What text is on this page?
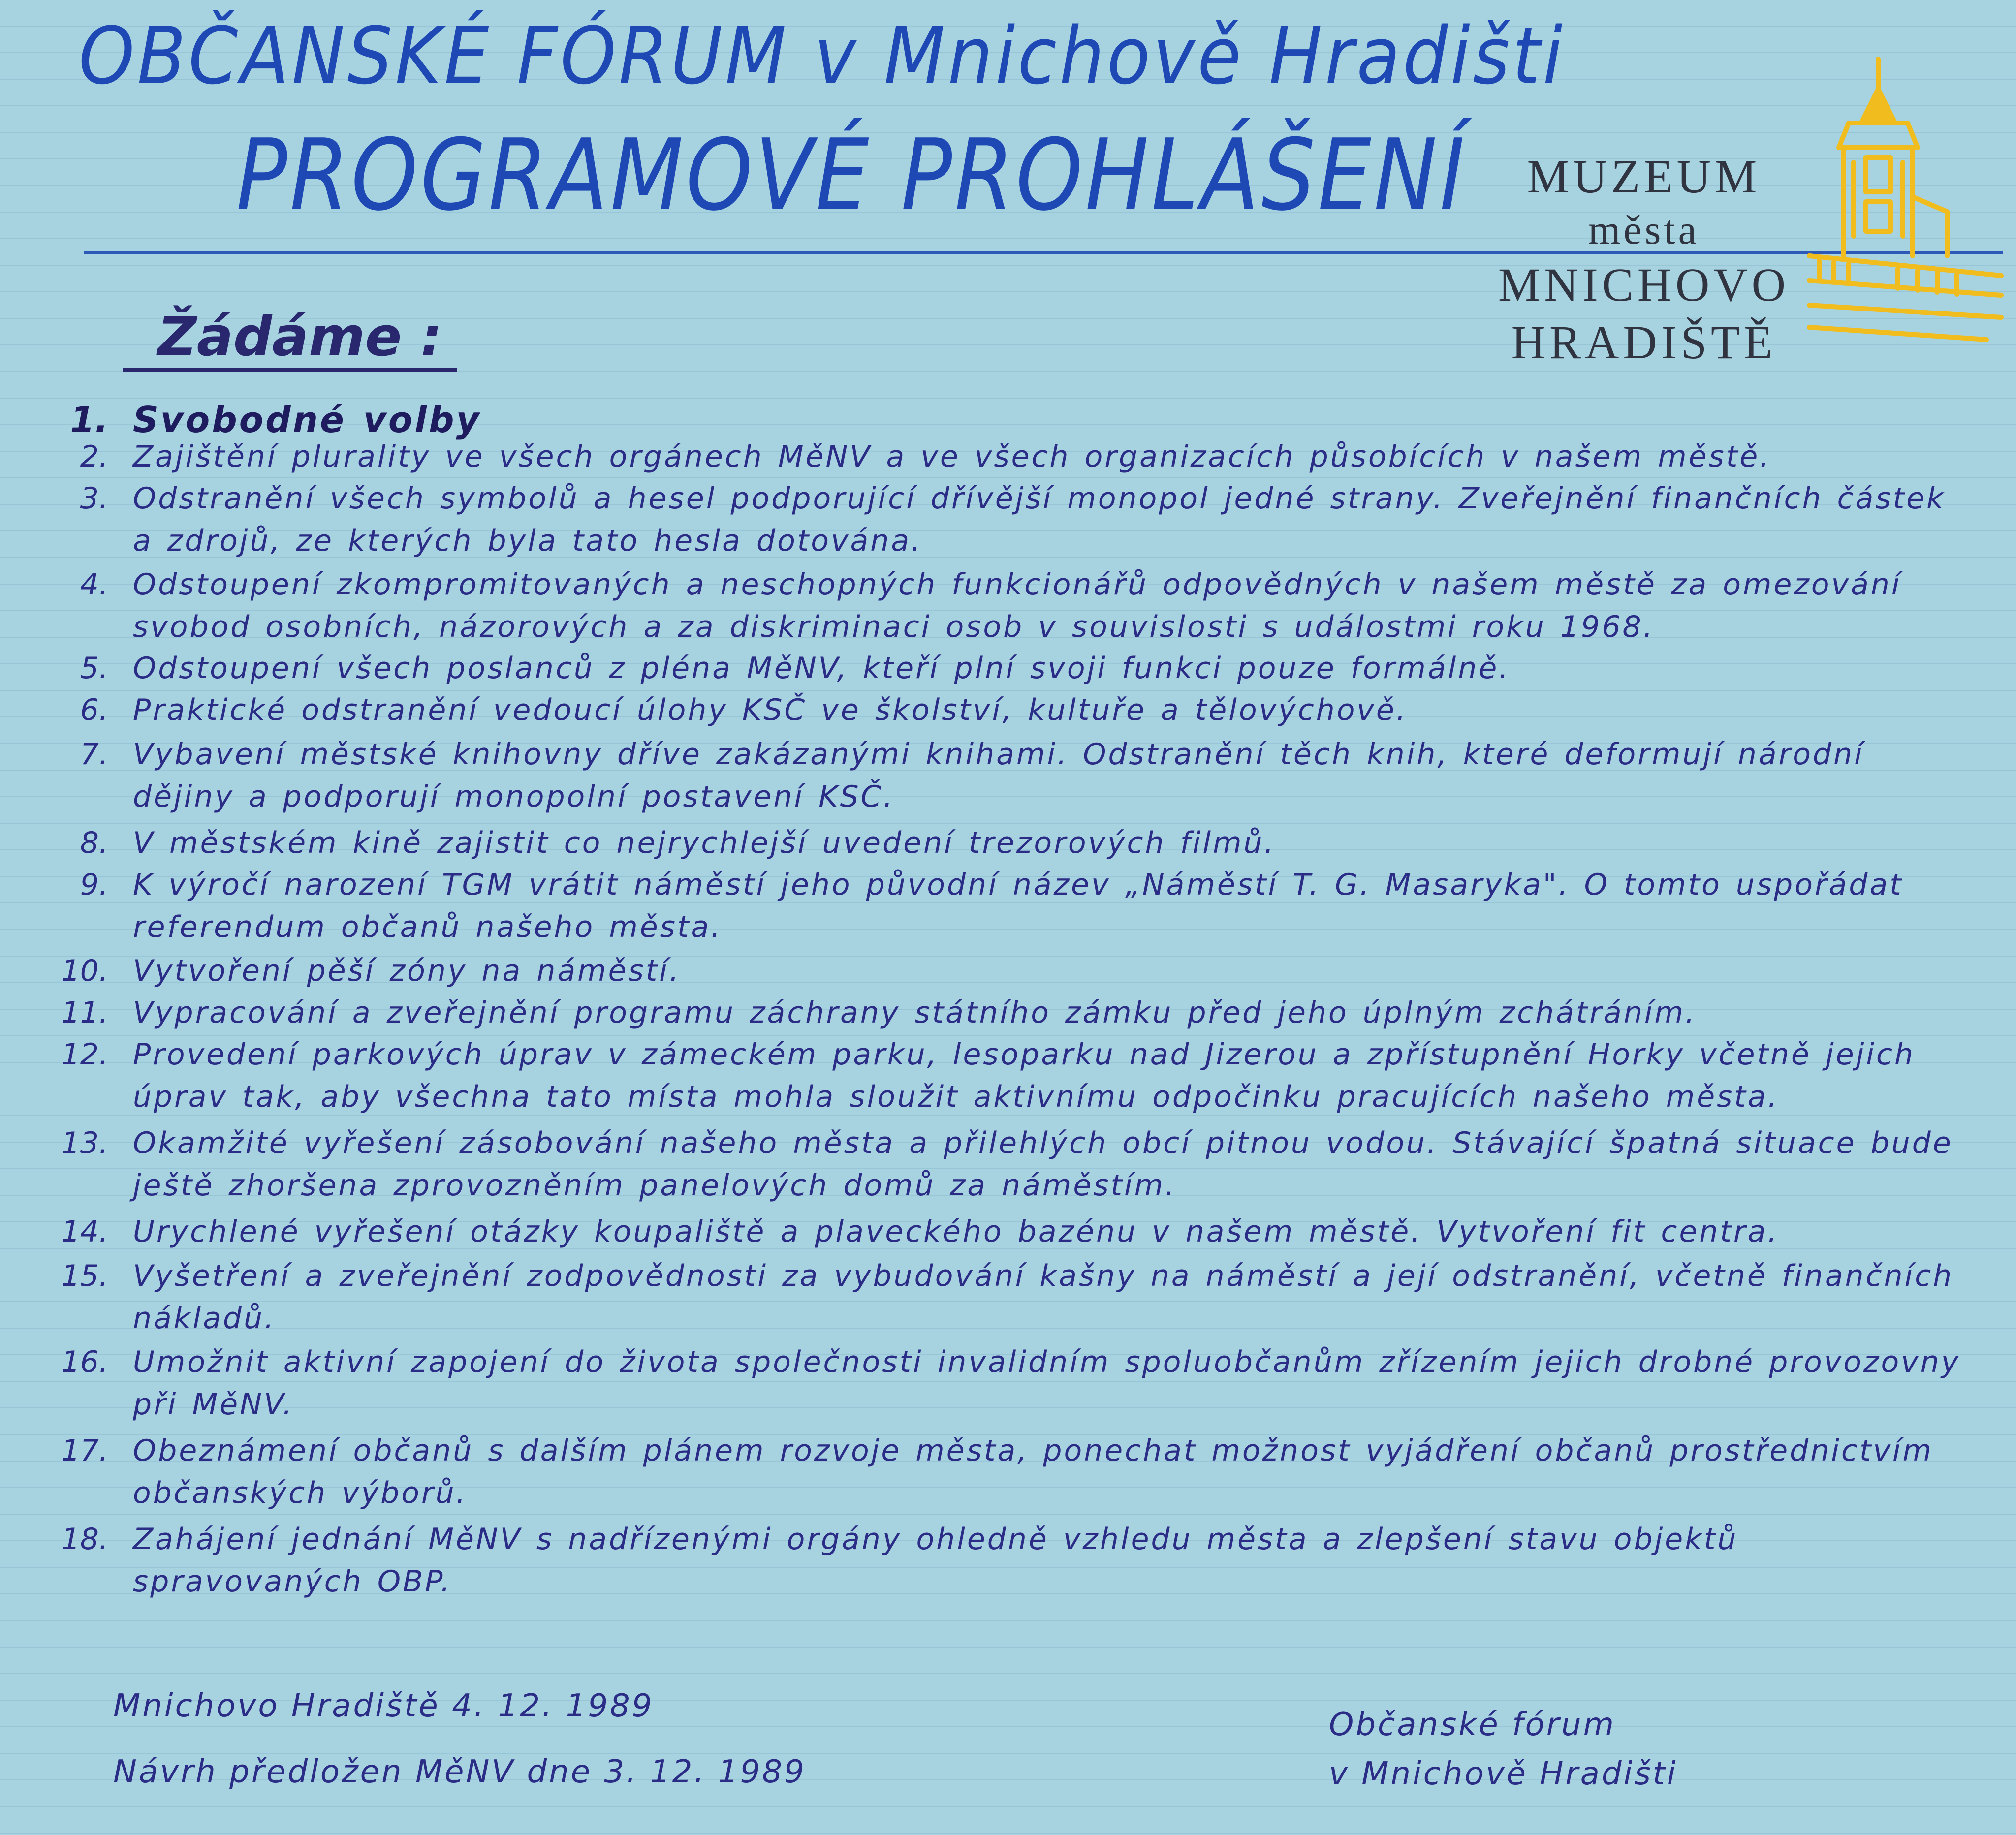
OBČANSKÉ FÓRUM v Mnichově Hradišti
PROGRAMOVÉ PROHLÁŠENÍ	MUZEUM
města
MNICHOVO
HRADIŠTĚ
Žádáme :
1. Svobodné volby
2. Zajištění plurality ve všech orgánech MěNV a ve všech organizacích působících v našem městě.
3. Odstranění všech symbolů a hesel podporující dřívější monopol jedné strany. Zveřejnění finančních částek a zdrojů, ze kterých byla tato hesla dotována.
4. Odstoupení zkompromitovaných a neschopných funkcionářů odpovědných v našem městě za omezování svobod osobních, názorových a za diskriminaci osob v souvislosti s událostmi roku 1968.
5. Odstoupení všech poslanců z pléna MěNV, kteří plní svoji funkci pouze formálně.
6. Praktické odstranění vedoucí úlohy KSČ ve školství, kultuře a tělovýchově.
7. Vybavení městské knihovny dříve zakázanými knihami. Odstranění těch knih, které deformují národní dějiny a podporují monopolní postavení KSČ.
8. V městském kině zajistit co nejrychlejší uvedení trezorových filmů.
9. K výročí narození TGM vrátit náměstí jeho původní název „Náměstí T. G. Masaryka". O tomto uspořádat referendum občanů našeho města.
10. Vytvoření pěší zóny na náměstí.
11. Vypracování a zveřejnění programu záchrany státního zámku před jeho úplným zchátráním.
12. Provedení parkových úprav v zámeckém parku, lesoparku nad Jizerou a zpřístupnění Horky včetně jejich úprav tak, aby všechna tato místa mohla sloužit aktivnímu odpočinku pracujících našeho města.
13. Okamžité vyřešení zásobování našeho města a přilehlých obcí pitnou vodou. Stávající špatná situace bude ještě zhoršena zprovozněním panelových domů za náměstím.
14. Urychlené vyřešení otázky koupaliště a plaveckého bazénu v našem městě. Vytvoření fit centra.
15. Vyšetření a zveřejnění zodpovědnosti za vybudování kašny na náměstí a její odstranění, včetně finančních nákladů.
16. Umožnit aktivní zapojení do života společnosti invalidním spoluobčanům zřízením jejich drobné provozovny při MěNV.
17. Obeznámení občanů s dalším plánem rozvoje města, ponechat možnost vyjádření občanů prostřednictvím občanských výborů.
18. Zahájení jednání MěNV s nadřízenými orgány ohledně vzhledu města a zlepšení stavu objektů spravovaných OBP.
Mnichovo Hradiště 4. 12. 1989
Návrh předložen MěNV dne 3. 12. 1989
Občanské fórum
v Mnichově Hradišti
